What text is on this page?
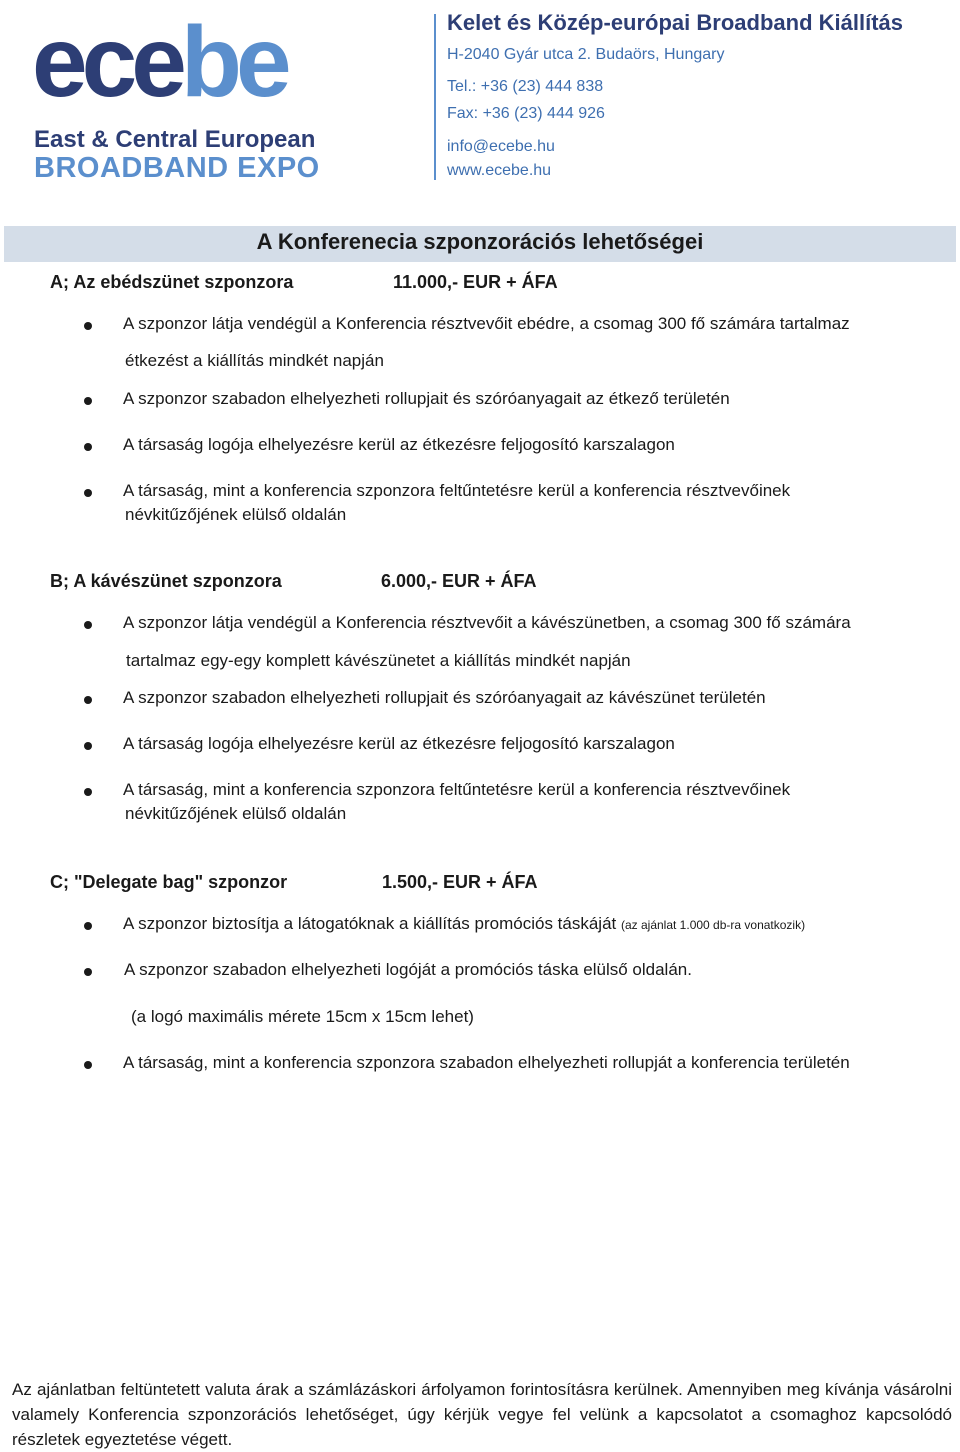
ecebe
East & Central European
BROADBAND EXPO
Kelet és Közép-európai Broadband Kiállítás
H-2040 Gyár utca 2. Budaörs, Hungary
Tel.: +36 (23) 444 838
Fax: +36 (23) 444 926
info@ecebe.hu
www.ecebe.hu
A Konferenecia szponzorációs lehetőségei
A; Az ebédszünet szponzora	11.000,- EUR + ÁFA
A szponzor látja vendégül a Konferencia résztvevőit ebédre, a csomag 300 fő számára tartalmaz
étkezést a kiállítás mindkét napján
A szponzor szabadon elhelyezheti rollupjait és szóróanyagait az étkező területén
A társaság logója elhelyezésre kerül az étkezésre feljogosító karszalagon
A társaság, mint a konferencia szponzora feltűntetésre kerül a konferencia résztvevőinek
névkitűzőjének elülső oldalán
B; A kávészünet szponzora	6.000,- EUR + ÁFA
A szponzor látja vendégül a Konferencia résztvevőit a kávészünetben, a csomag 300 fő számára
tartalmaz egy-egy komplett kávészünetet a kiállítás mindkét napján
A szponzor szabadon elhelyezheti rollupjait és szóróanyagait az kávészünet területén
A társaság logója elhelyezésre kerül az étkezésre feljogosító karszalagon
A társaság, mint a konferencia szponzora feltűntetésre kerül a konferencia résztvevőinek
névkitűzőjének elülső oldalán
C; "Delegate bag" szponzor	1.500,- EUR + ÁFA
A szponzor biztosítja a látogatóknak a kiállítás promóciós táskáját (az ajánlat 1.000 db-ra vonatkozik)
A szponzor szabadon elhelyezheti logóját a promóciós táska elülső oldalán.
(a logó maximális mérete 15cm x 15cm lehet)
A társaság, mint a konferencia szponzora szabadon elhelyezheti rollupját a konferencia területén
Az ajánlatban feltüntetett valuta árak a számlázáskori árfolyamon forintosításra kerülnek. Amennyiben meg kívánja vásárolni valamely Konferencia szponzorációs lehetőséget, úgy kérjük vegye fel velünk a kapcsolatot a csomaghoz kapcsolódó részletek egyeztetése végett.
